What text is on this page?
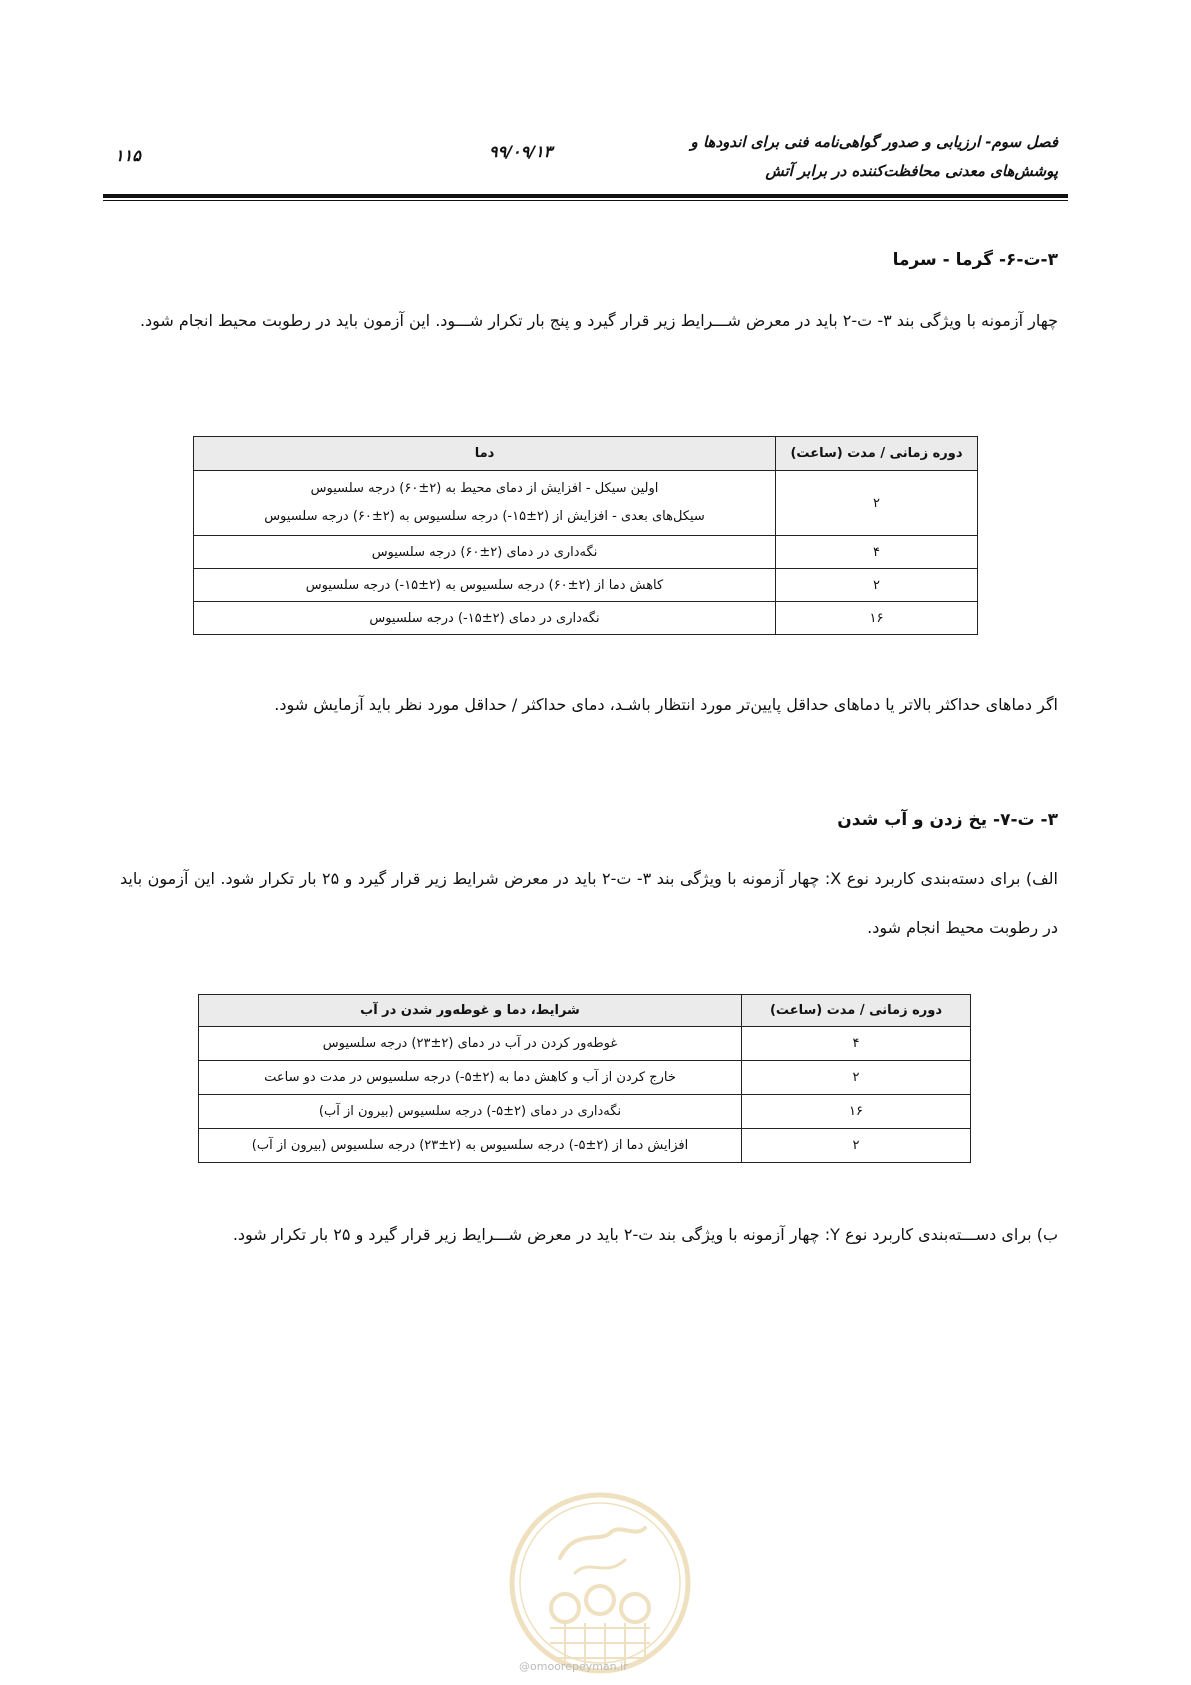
فصل سوم- ارزیابی و صدور گواهی‌نامه فنی برای اندودها و
پوشش‌های معدنی محافظت‌کننده در برابر آتش
۹۹/۰۹/۱۳
۱۱۵
۳-ت-۶- گرما - سرما
چهار آزمونه با ویژگی بند ۳- ت-۲ باید در معرض شـــرایط زیر قرار گیرد و پنج بار تکرار شـــود. این آزمون باید در رطوبت محیط انجام شود.
دوره زمانی / مدت (ساعت)	دما
۲	اولین سیکل - افزایش از دمای محیط به (۲±۶۰) درجه سلسیوس
سیکل‌های بعدی - افزایش از (۲±۱۵-) درجه سلسیوس به (۲±۶۰) درجه سلسیوس

۴	نگه‌داری در دمای (۲±۶۰) درجه سلسیوس
۲	کاهش دما از (۲±۶۰) درجه سلسیوس به (۲±۱۵-) درجه سلسیوس
۱۶	نگه‌داری در دمای (۲±۱۵-) درجه سلسیوس
اگر دماهای حداکثر بالاتر یا دماهای حداقل پایین‌تر مورد انتظار باشـد، دمای حداکثر / حداقل مورد نظر باید آزمایش شود.
۳- ت-۷- یخ زدن و آب شدن
الف) برای دسته‌بندی کاربرد نوع X: چهار آزمونه با ویژگی بند ۳- ت-۲ باید در معرض شرایط زیر قرار گیرد و ۲۵ بار تکرار شود. این آزمون باید در رطوبت محیط انجام شود.
دوره زمانی / مدت (ساعت)	شرایط، دما و غوطه‌ور شدن در آب
۴	غوطه‌ور کردن در آب در دمای (۲±۲۳) درجه سلسیوس
۲	خارج کردن از آب و کاهش دما به (۲±۵-) درجه سلسیوس در مدت دو ساعت
۱۶	نگه‌داری در دمای (۲±۵-) درجه سلسیوس (بیرون از آب)
۲	افزایش دما از (۲±۵-) درجه سلسیوس به (۲±۲۳) درجه سلسیوس (بیرون از آب)
ب) برای دســـته‌بندی کاربرد نوع Y: چهار آزمونه با ویژگی بند ت-۲ باید در معرض شـــرایط زیر قرار گیرد و ۲۵ بار تکرار شود.
@omoorepeyman.ir
